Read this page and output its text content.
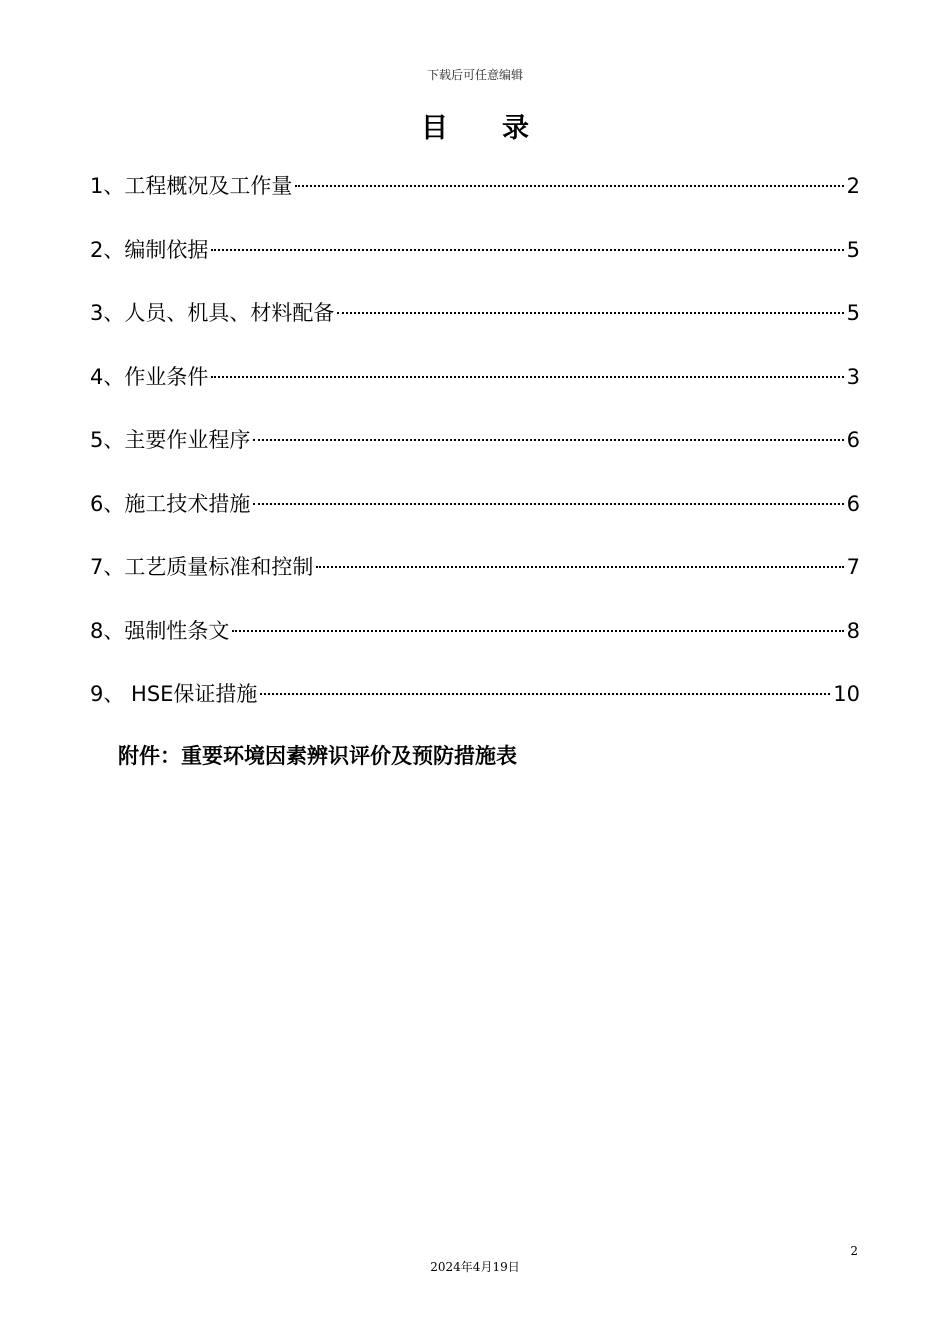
下载后可任意编辑
目录
1、工程概况及工作量	2
2、编制依据	5
3、人员、机具、材料配备	5
4、作业条件	3
5、主要作业程序	6
6、施工技术措施	6
7、工艺质量标准和控制	7
8、强制性条文	8
9、 HSE保证措施	10
附件：重要环境因素辨识评价及预防措施表
2
2024年4月19日
